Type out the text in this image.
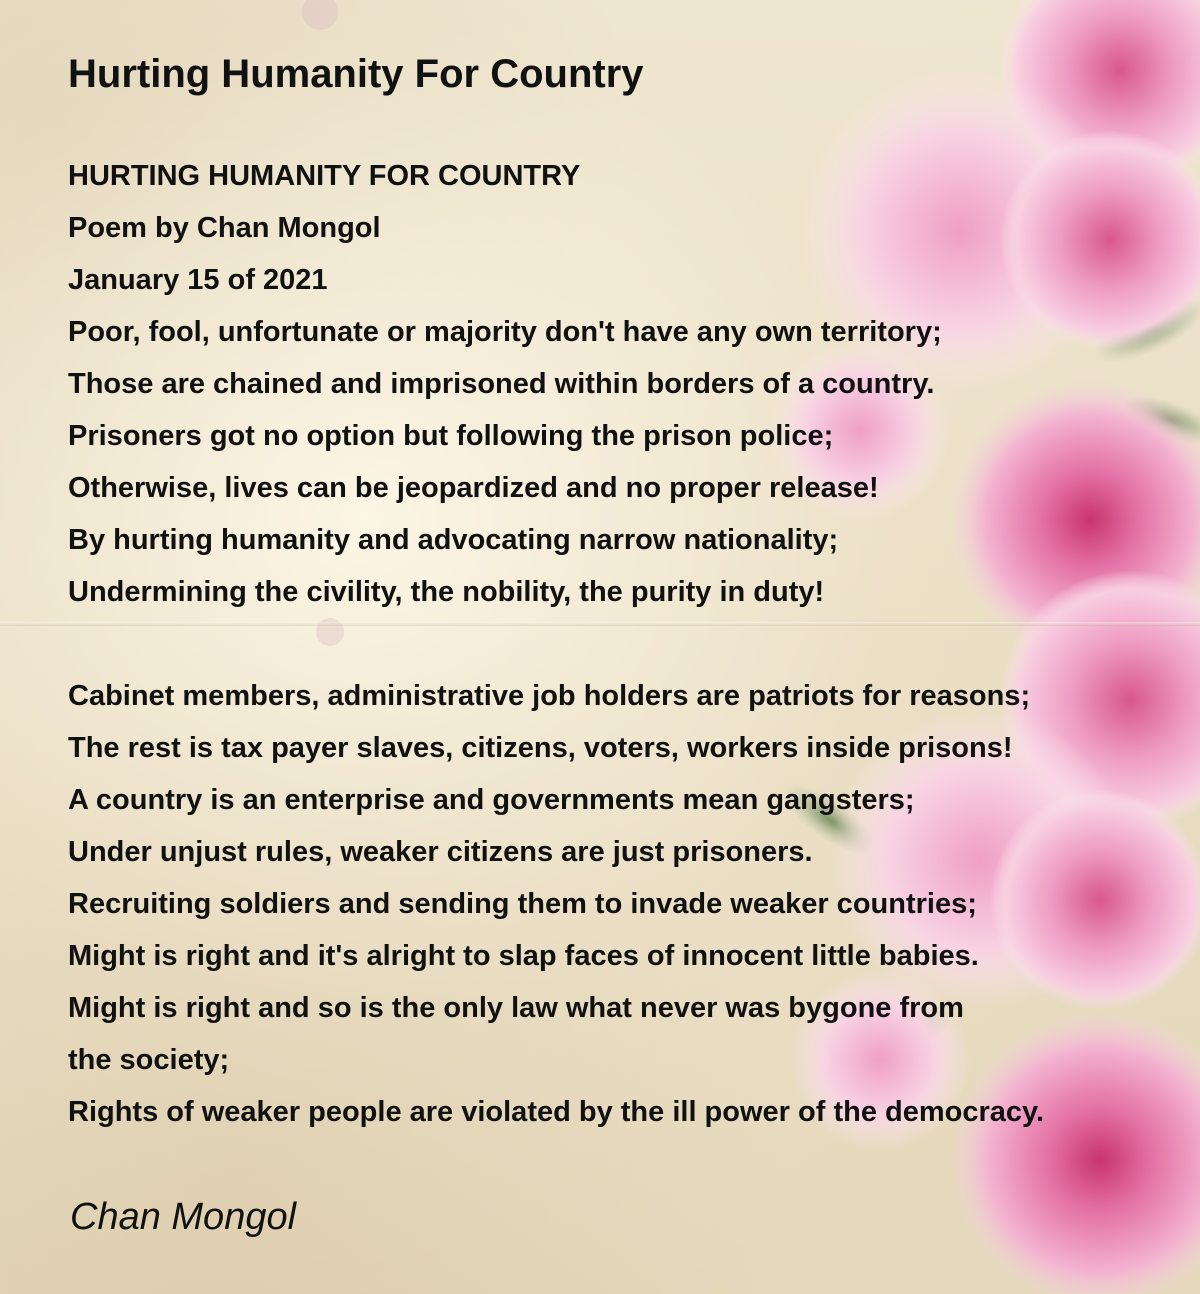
Hurting Humanity For Country
HURTING HUMANITY FOR COUNTRY
Poem by Chan Mongol
January 15 of 2021
Poor, fool, unfortunate or majority don't have any own territory;
Those are chained and imprisoned within borders of a country.
Prisoners got no option but following the prison police;
Otherwise, lives can be jeopardized and no proper release!
By hurting humanity and advocating narrow nationality;
Undermining the civility, the nobility, the purity in duty!
Cabinet members, administrative job holders are patriots for reasons;
The rest is tax payer slaves, citizens, voters, workers inside prisons!
A country is an enterprise and governments mean gangsters;
Under unjust rules, weaker citizens are just prisoners.
Recruiting soldiers and sending them to invade weaker countries;
Might is right and it's alright to slap faces of innocent little babies.
Might is right and so is the only law what never was bygone from
the society;
Rights of weaker people are violated by the ill power of the democracy.
Chan Mongol
